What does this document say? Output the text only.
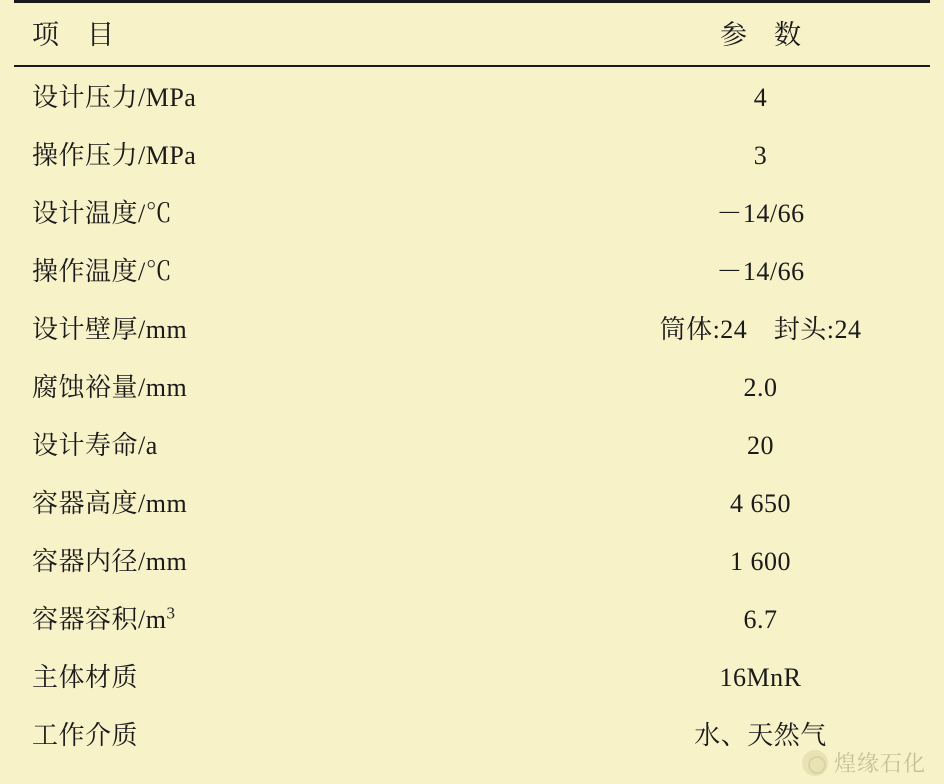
项　目	参　数
设计压力/MPa	4
操作压力/MPa	3
设计温度/℃	－14/66
操作温度/℃	－14/66
设计壁厚/mm	筒体:24　封头:24
腐蚀裕量/mm	2.0
设计寿命/a	20
容器高度/mm	4 650
容器内径/mm	1 600
容器容积$/m^3$	6.7
主体材质	16MnR
工作介质	水、天然气
煌缘石化
